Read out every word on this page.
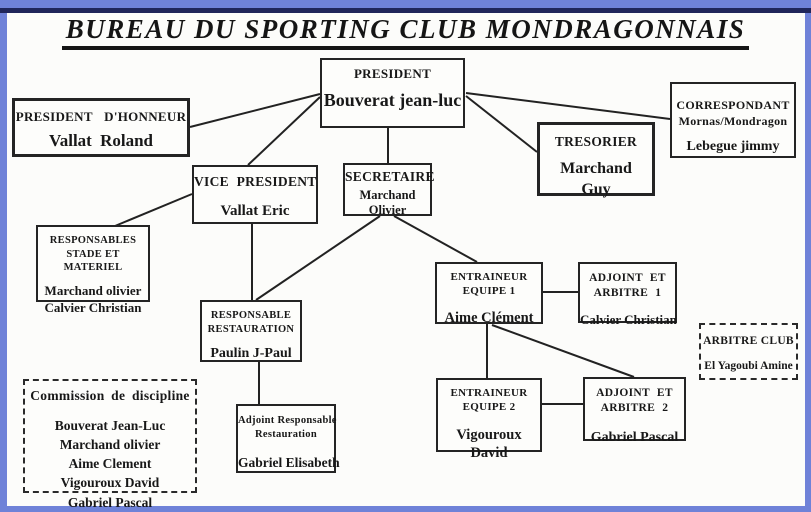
BUREAU DU SPORTING CLUB MONDRAGONNAIS
PRESIDENT
Bouverat jean-luc
PRESIDENT D'HONNEUR
Vallat Roland
CORRESPONDANT
Mornas/Mondragon
Lebegue jimmy
TRESORIER
Marchand
Guy
VICE PRESIDENT
Vallat Eric
SECRETAIRE
Marchand
Olivier
RESPONSABLES
STADE ET
MATERIEL
Marchand olivier
Calvier Christian
RESPONSABLE
RESTAURATION
Paulin J-Paul
ENTRAINEUR
EQUIPE 1
Aime Clément
ADJOINT ET
ARBITRE 1
Calvier Christian
ENTRAINEUR
EQUIPE 2
Vigouroux
David
ADJOINT ET
ARBITRE 2
Gabriel Pascal
ARBITRE CLUB
El Yagoubi Amine
Commission de discipline
Bouverat Jean-Luc
Marchand olivier
Aime Clement
Vigouroux David
Gabriel Pascal
Adjoint Responsable
Restauration
Gabriel Elisabeth
